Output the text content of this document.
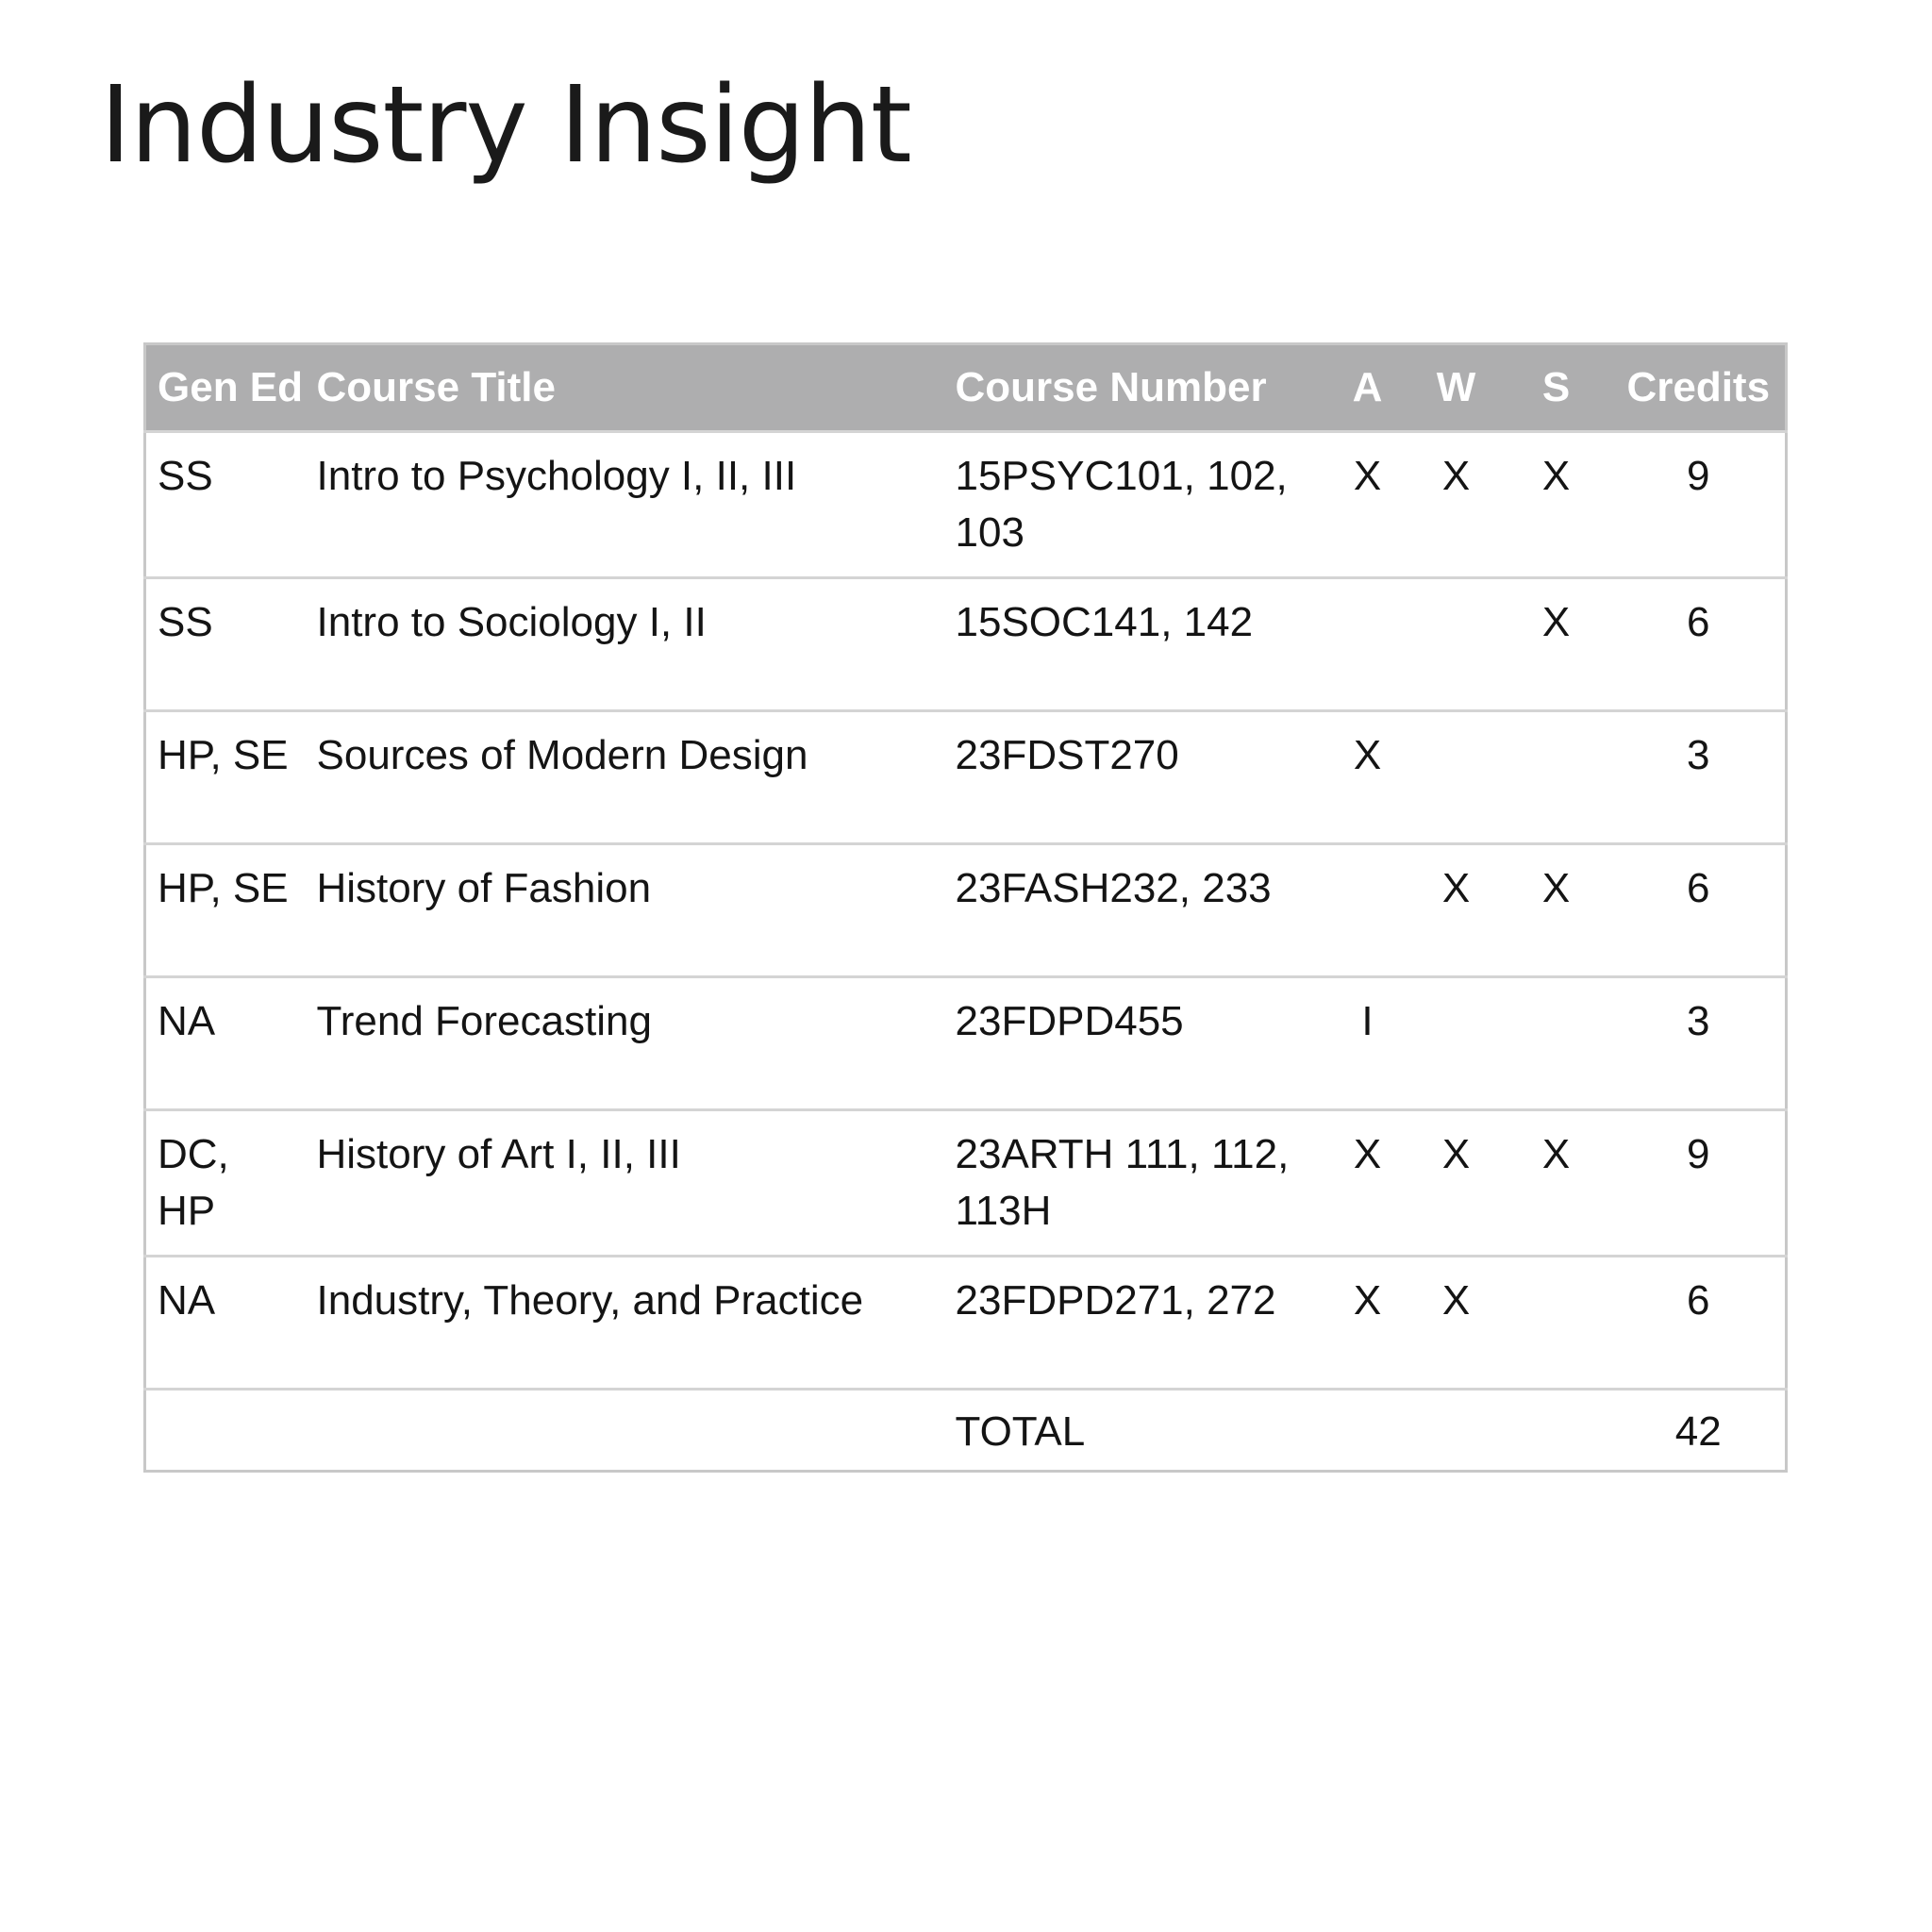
Industry Insight
Gen Ed	Course Title	Course Number	A	W	S	Credits
SS	Intro to Psychology I, II, III	15PSYC101, 102, 103	X	X	X	9
SS	Intro to Sociology I, II	15SOC141, 142			X	6
HP, SE	Sources of Modern Design	23FDST270	X			3
HP, SE	History of Fashion	23FASH232, 233		X	X	6
NA	Trend Forecasting	23FDPD455	I			3
DC, HP	History of Art I, II, III	23ARTH 111, 112, 113H	X	X	X	9
NA	Industry, Theory, and Practice	23FDPD271, 272	X	X		6
		TOTAL				42
